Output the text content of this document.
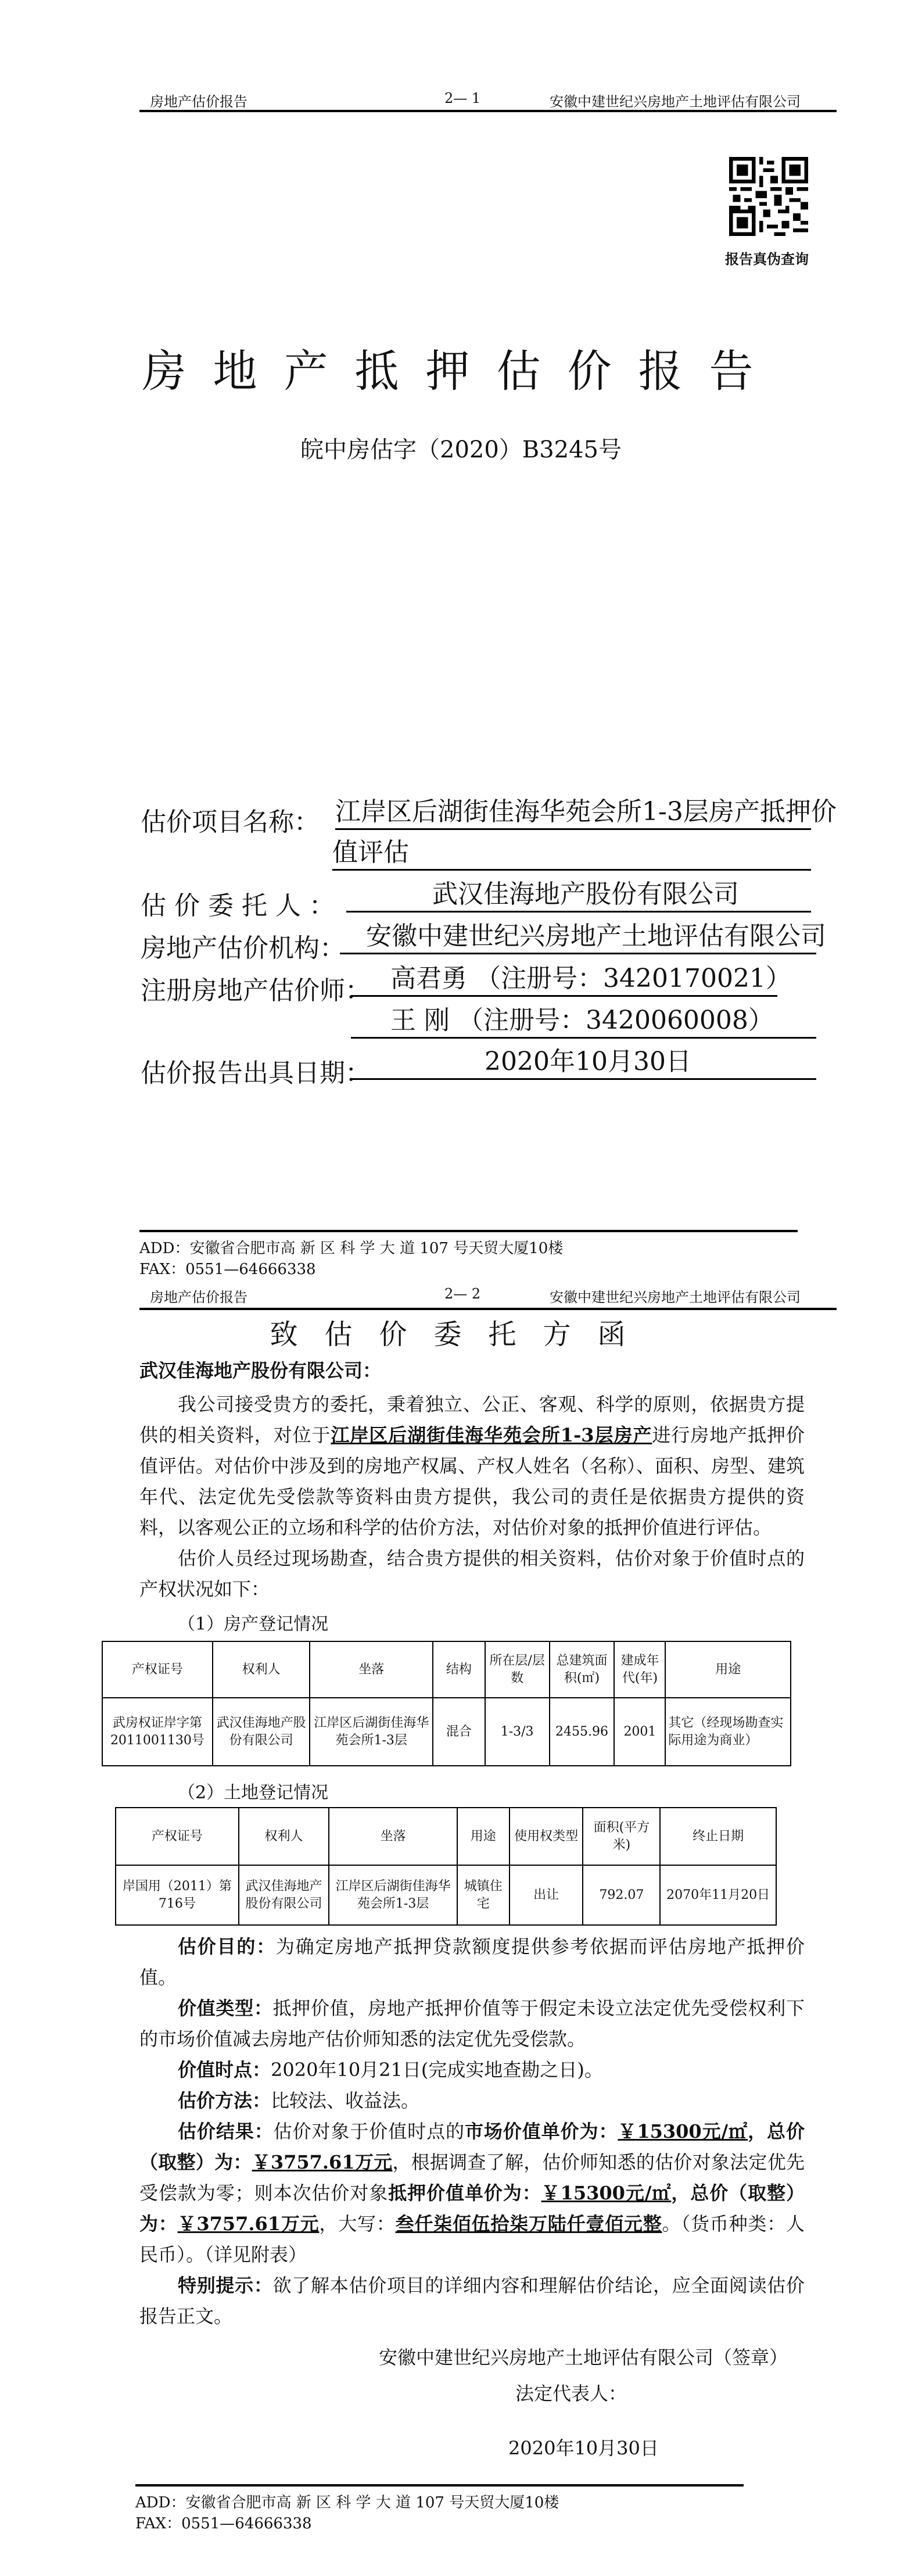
房地产估价报告	2— 1	安徽中建世纪兴房地产土地评估有限公司
报告真伪查询
房地产抵押估价报告
皖中房估字（2020）B3245号
估价项目名称： 江岸区后湖街佳海华苑会所1-3层房产抵押价
值评估
估 价 委 托 人 ：	武汉佳海地产股份有限公司
房地产估价机构： 安徽中建世纪兴房地产土地评估有限公司
注册房地产估价师： 高君勇 （注册号：3420170021）
王 刚 （注册号：3420060008）
估价报告出具日期：	2020年10月30日
ADD：安徽省合肥市高 新 区 科 学 大 道 107 号天贸大厦10楼
FAX：0551—64666338
房地产估价报告	2— 2	安徽中建世纪兴房地产土地评估有限公司
致估价委托方函
武汉佳海地产股份有限公司：
我公司接受贵方的委托，秉着独立、公正、客观、科学的原则，依据贵方提供的相关资料，对位于江岸区后湖街佳海华苑会所1-3层房产进行房地产抵押价值评估。对估价中涉及到的房地产权属、产权人姓名（名称）、面积、房型、建筑年代、法定优先受偿款等资料由贵方提供，我公司的责任是依据贵方提供的资料，以客观公正的立场和科学的估价方法，对估价对象的抵押价值进行评估。
估价人员经过现场勘查，结合贵方提供的相关资料，估价对象于价值时点的产权状况如下：
（1）房产登记情况
产权证号	权利人	坐落	结构	所在层/层数	总建筑面积(㎡)	建成年代(年)	用途
武房权证岸字第2011001130号	武汉佳海地产股份有限公司	江岸区后湖街佳海华苑会所1-3层	混合	1-3/3	2455.96	2001	其它（经现场勘查实际用途为商业）
（2）土地登记情况
产权证号	权利人	坐落	用途	使用权类型	面积(平方米)	终止日期
岸国用（2011）第716号	武汉佳海地产股份有限公司	江岸区后湖街佳海华苑会所1-3层	城镇住宅	出让	792.07	2070年11月20日
估价目的：为确定房地产抵押贷款额度提供参考依据而评估房地产抵押价值。
价值类型：抵押价值，房地产抵押价值等于假定未设立法定优先受偿权利下的市场价值减去房地产估价师知悉的法定优先受偿款。
价值时点：2020年10月21日(完成实地查勘之日)。
估价方法：比较法、收益法。
估价结果：估价对象于价值时点的市场价值单价为：￥15300元/㎡，总价（取整）为：￥3757.61万元，根据调查了解，估价师知悉的估价对象法定优先受偿款为零；则本次估价对象抵押价值单价为：￥15300元/㎡，总价（取整）为：￥3757.61万元，大写：叁仟柒佰伍拾柒万陆仟壹佰元整。（货币种类：人民币）。（详见附表）
特别提示：欲了解本估价项目的详细内容和理解估价结论，应全面阅读估价报告正文。
安徽中建世纪兴房地产土地评估有限公司（签章）
法定代表人：
2020年10月30日
ADD：安徽省合肥市高 新 区 科 学 大 道 107 号天贸大厦10楼
FAX：0551—64666338
